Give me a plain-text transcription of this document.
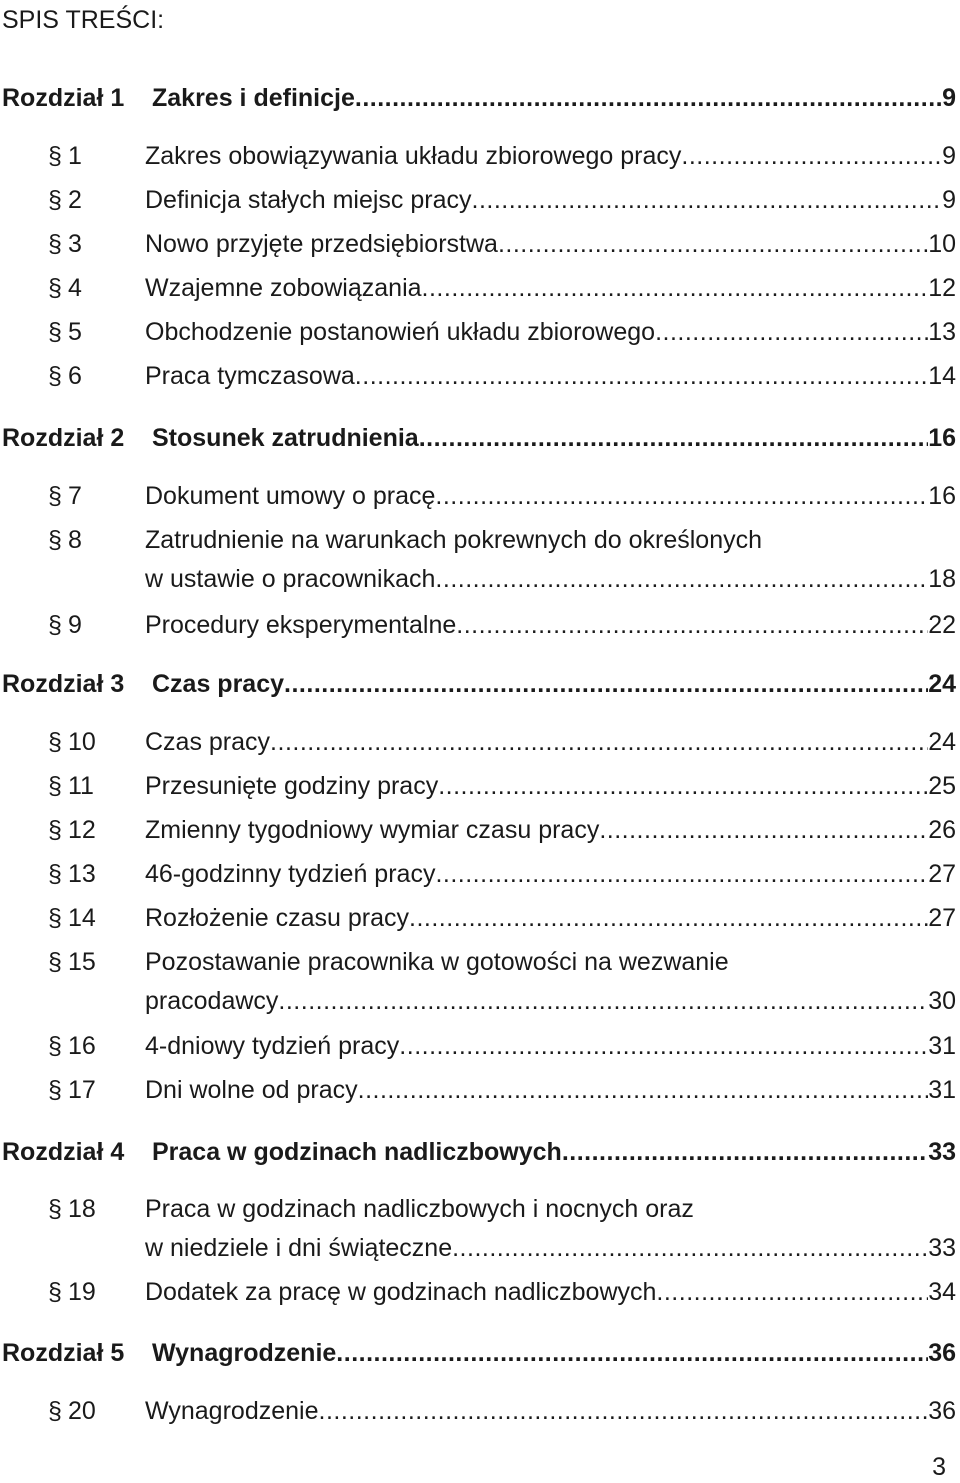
SPIS TREŚCI:
Rozdział 1 Zakres i definicje .....	9
§ 1	Zakres obowiązywania układu zbiorowego pracy .....	9
§ 2	Definicja stałych miejsc pracy .....	9
§ 3	Nowo przyjęte przedsiębiorstwa .....	10
§ 4	Wzajemne zobowiązania .....	12
§ 5	Obchodzenie postanowień układu zbiorowego .....	13
§ 6	Praca tymczasowa .....	14
Rozdział 2 Stosunek zatrudnienia .....	16
§ 7	Dokument umowy o pracę .....	16
§ 8	Zatrudnienie na warunkach pokrewnych do określonych
w ustawie o pracownikach .....	18
§ 9	Procedury eksperymentalne .....	22
Rozdział 3 Czas pracy .....	24
§ 10 Czas pracy .....	24
§ 11 Przesunięte godziny pracy .....	25
§ 12 Zmienny tygodniowy wymiar czasu pracy .....	26
§ 13 46-godzinny tydzień pracy .....	27
§ 14 Rozłożenie czasu pracy .....	27
§ 15 Pozostawanie pracownika w gotowości na wezwanie
pracodawcy .....	30
§ 16 4-dniowy tydzień pracy .....	31
§ 17 Dni wolne od pracy .....	31
Rozdział 4 Praca w godzinach nadliczbowych .....	33
§ 18 Praca w godzinach nadliczbowych i nocnych oraz
w niedziele i dni świąteczne .....	33
§ 19 Dodatek za pracę w godzinach nadliczbowych .....	34
Rozdział 5 Wynagrodzenie .....	36
§ 20 Wynagrodzenie .....	36
3
